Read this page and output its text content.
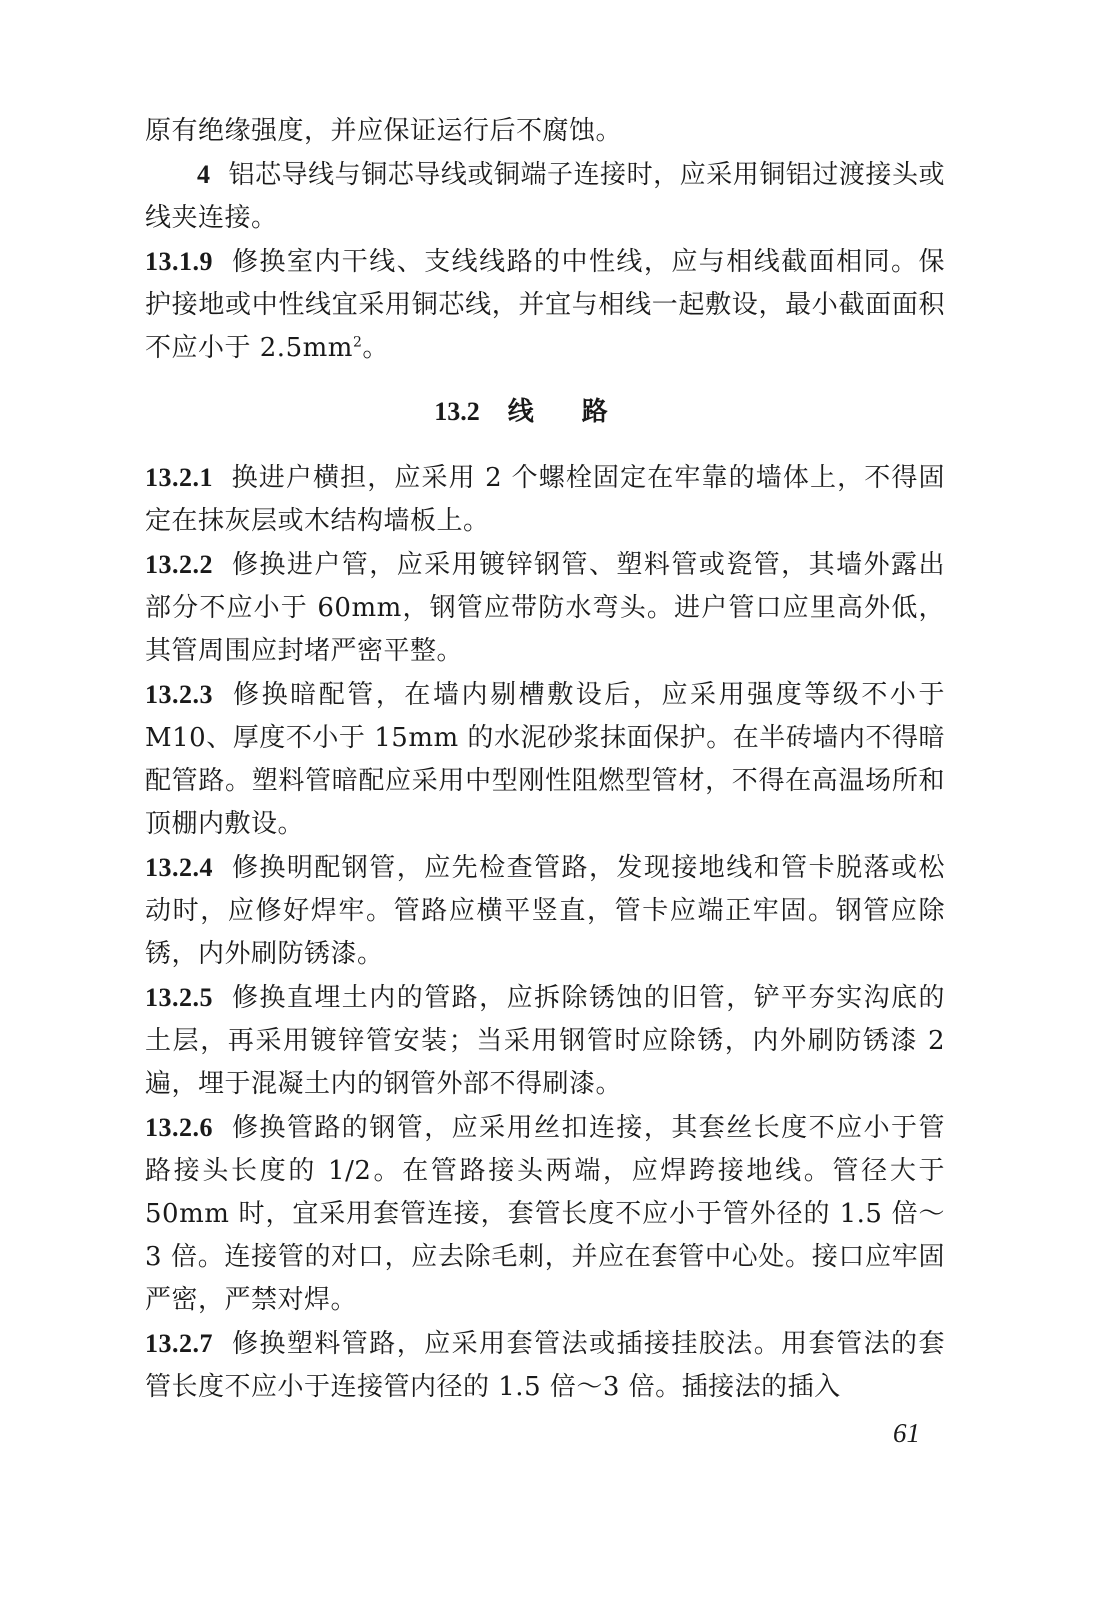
原有绝缘强度，并应保证运行后不腐蚀。

4 铝芯导线与铜芯导线或铜端子连接时，应采用铜铝过渡接头或线夹连接。

13.1.9 修换室内干线、支线线路的中性线，应与相线截面相同。保护接地或中性线宜采用铜芯线，并宜与相线一起敷设，最小截面面积不应小于 $2.5mm^2$。

13.2 线路

13.2.1 换进户横担，应采用 2 个螺栓固定在牢靠的墙体上，不得固定在抹灰层或木结构墙板上。

13.2.2 修换进户管，应采用镀锌钢管、塑料管或瓷管，其墙外露出部分不应小于 60mm，钢管应带防水弯头。进户管口应里高外低，其管周围应封堵严密平整。

13.2.3 修换暗配管，在墙内剔槽敷设后，应采用强度等级不小于 M10、厚度不小于 15mm 的水泥砂浆抹面保护。在半砖墙内不得暗配管路。塑料管暗配应采用中型刚性阻燃型管材，不得在高温场所和顶棚内敷设。

13.2.4 修换明配钢管，应先检查管路，发现接地线和管卡脱落或松动时，应修好焊牢。管路应横平竖直，管卡应端正牢固。钢管应除锈，内外刷防锈漆。

13.2.5 修换直埋土内的管路，应拆除锈蚀的旧管，铲平夯实沟底的土层，再采用镀锌管安装；当采用钢管时应除锈，内外刷防锈漆 2 遍，埋于混凝土内的钢管外部不得刷漆。

13.2.6 修换管路的钢管，应采用丝扣连接，其套丝长度不应小于管路接头长度的 1/2。在管路接头两端，应焊跨接地线。管径大于 50mm 时，宜采用套管连接，套管长度不应小于管外径的 1.5 倍～3 倍。连接管的对口，应去除毛刺，并应在套管中心处。接口应牢固严密，严禁对焊。

13.2.7 修换塑料管路，应采用套管法或插接挂胶法。用套管法的套管长度不应小于连接管内径的 1.5 倍～3 倍。插接法的插入

61
